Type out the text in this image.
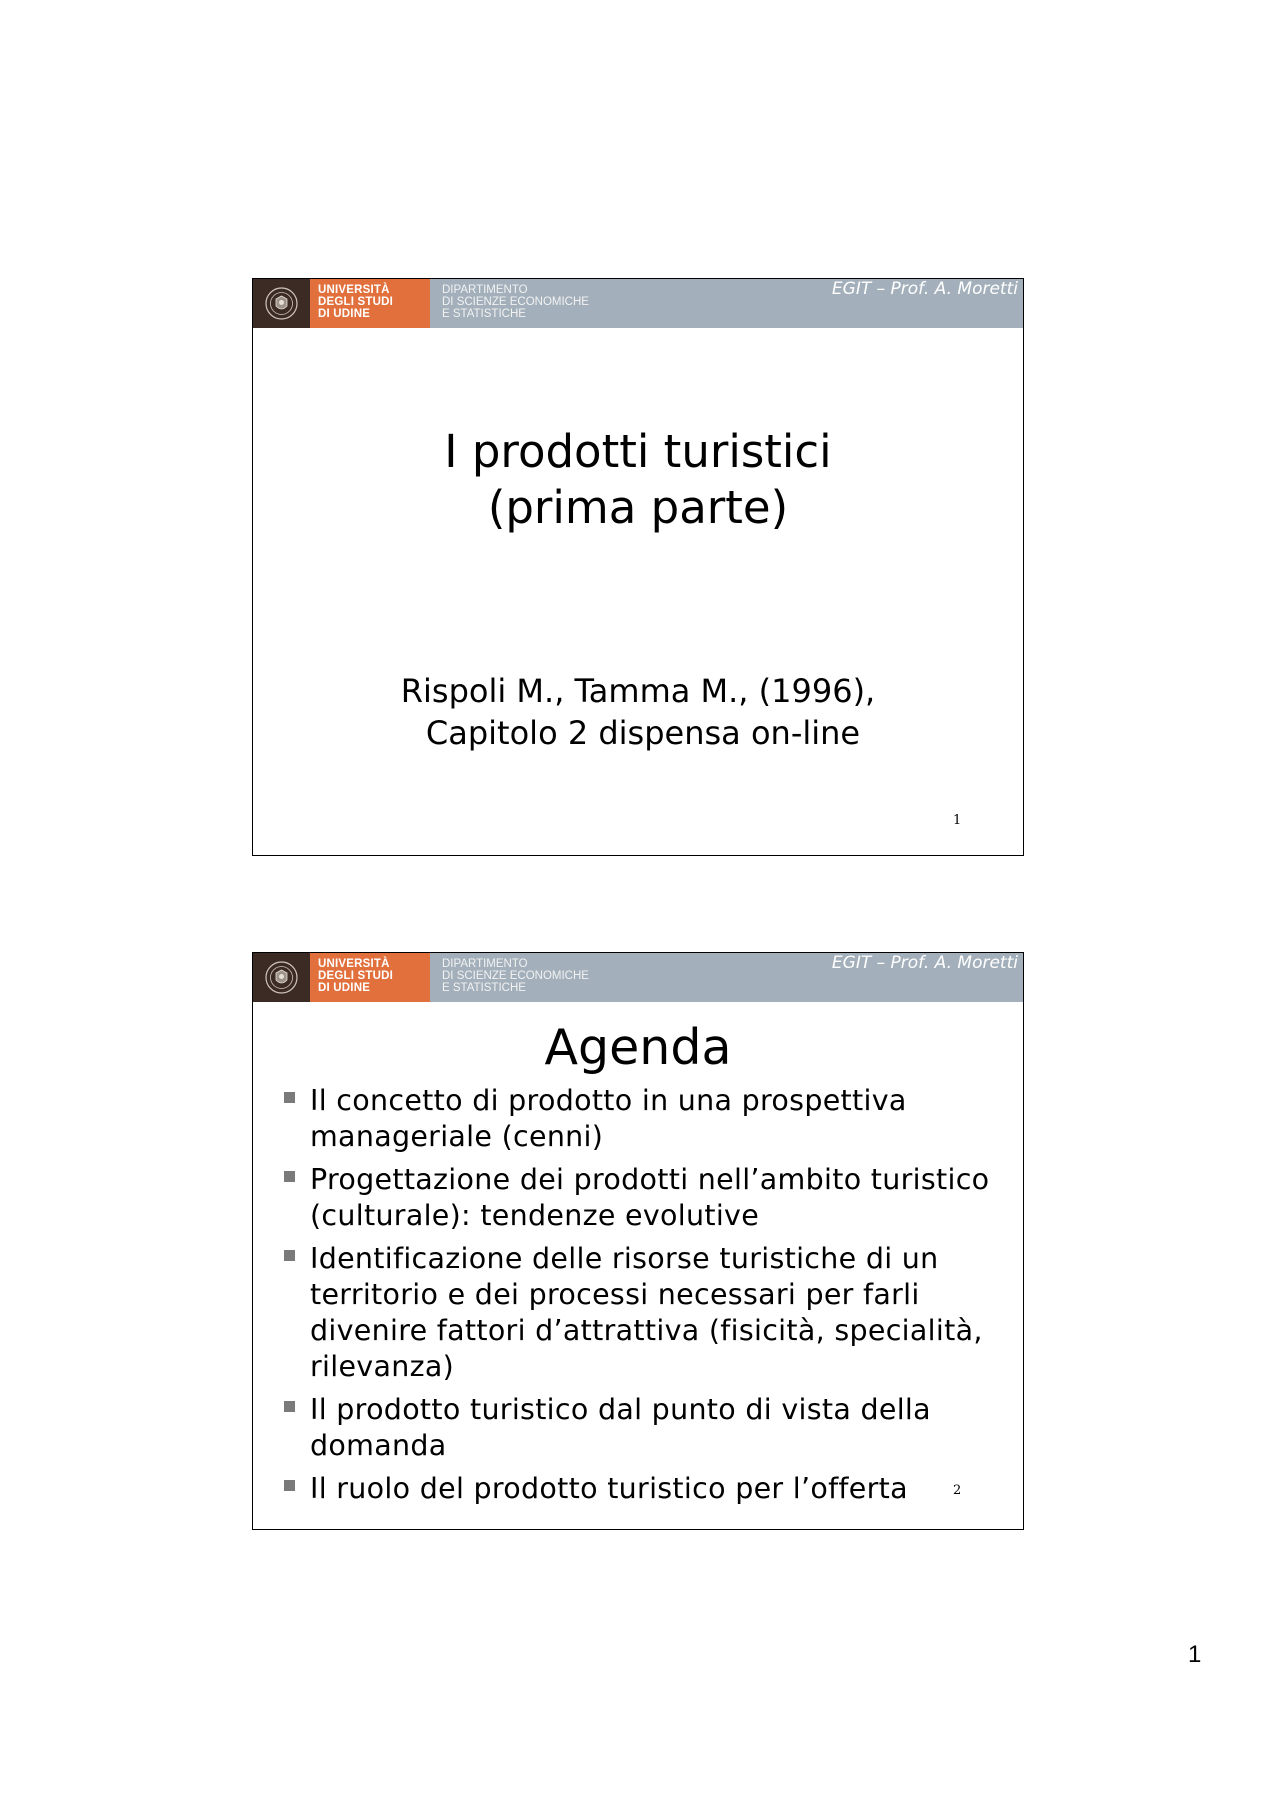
UNIVERSITÀ
DEGLI STUDI
DI UDINE
DIPARTIMENTO
DI SCIENZE ECONOMICHE
E STATISTICHE
EGIT – Prof. A. Moretti
I prodotti turistici
(prima parte)
Rispoli M., Tamma M., (1996),
Capitolo 2 dispensa on-line
1
UNIVERSITÀ
DEGLI STUDI
DI UDINE
DIPARTIMENTO
DI SCIENZE ECONOMICHE
E STATISTICHE
EGIT – Prof. A. Moretti
Agenda
Il concetto di prodotto in una prospettiva manageriale (cenni)
Progettazione dei prodotti nell’ambito turistico (culturale): tendenze evolutive
Identificazione delle risorse turistiche di un territorio e dei processi necessari per farli divenire fattori d’attrattiva (fisicità, specialità, rilevanza)
Il prodotto turistico dal punto di vista della domanda
Il ruolo del prodotto turistico per l’offerta	2
1
